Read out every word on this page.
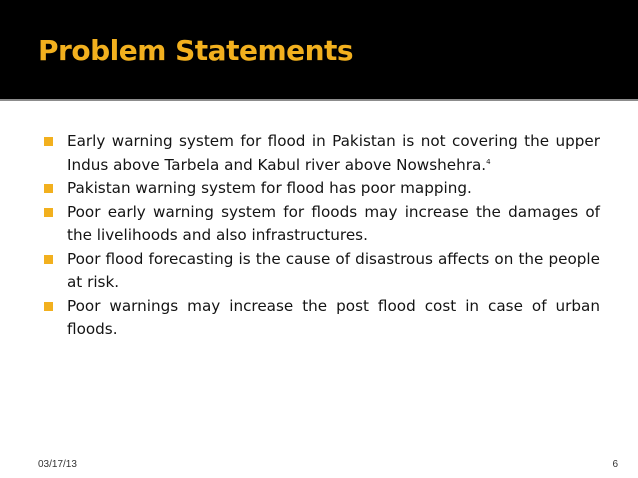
Problem Statements
Early warning system for flood in Pakistan is not covering the upper Indus above Tarbela and Kabul river above Nowshehra.$^4$
Pakistan warning system for flood has poor mapping.
Poor early warning system for floods may increase the damages of the livelihoods and also infrastructures.
Poor flood forecasting is the cause of disastrous affects on the people at risk.
Poor warnings may increase the post flood cost in case of urban floods.
03/17/13	6
